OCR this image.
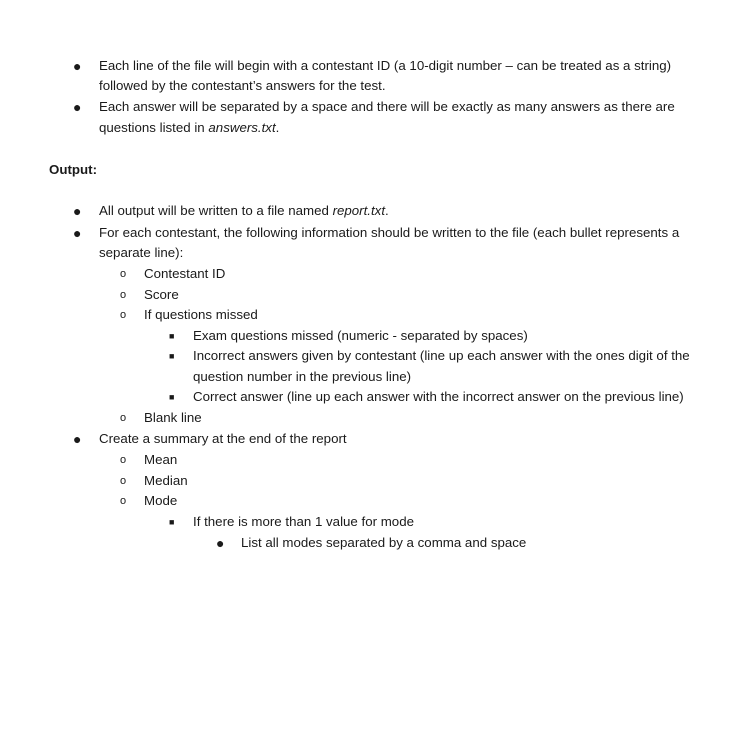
● Each line of the file will begin with a contestant ID (a 10-digit number – can be treated as a string)
followed by the contestant’s answers for the test.
● Each answer will be separated by a space and there will be exactly as many answers as there are
questions listed in answers.txt.
Output:
● All output will be written to a file named report.txt.
● For each contestant, the following information should be written to the file (each bullet represents a
separate line):
o Contestant ID
o Score
o If questions missed
■ Exam questions missed (numeric - separated by spaces)
■ Incorrect answers given by contestant (line up each answer with the ones digit of the
question number in the previous line)
■ Correct answer (line up each answer with the incorrect answer on the previous line)
o Blank line
● Create a summary at the end of the report
o Mean
o Median
o Mode
■ If there is more than 1 value for mode
● List all modes separated by a comma and space
